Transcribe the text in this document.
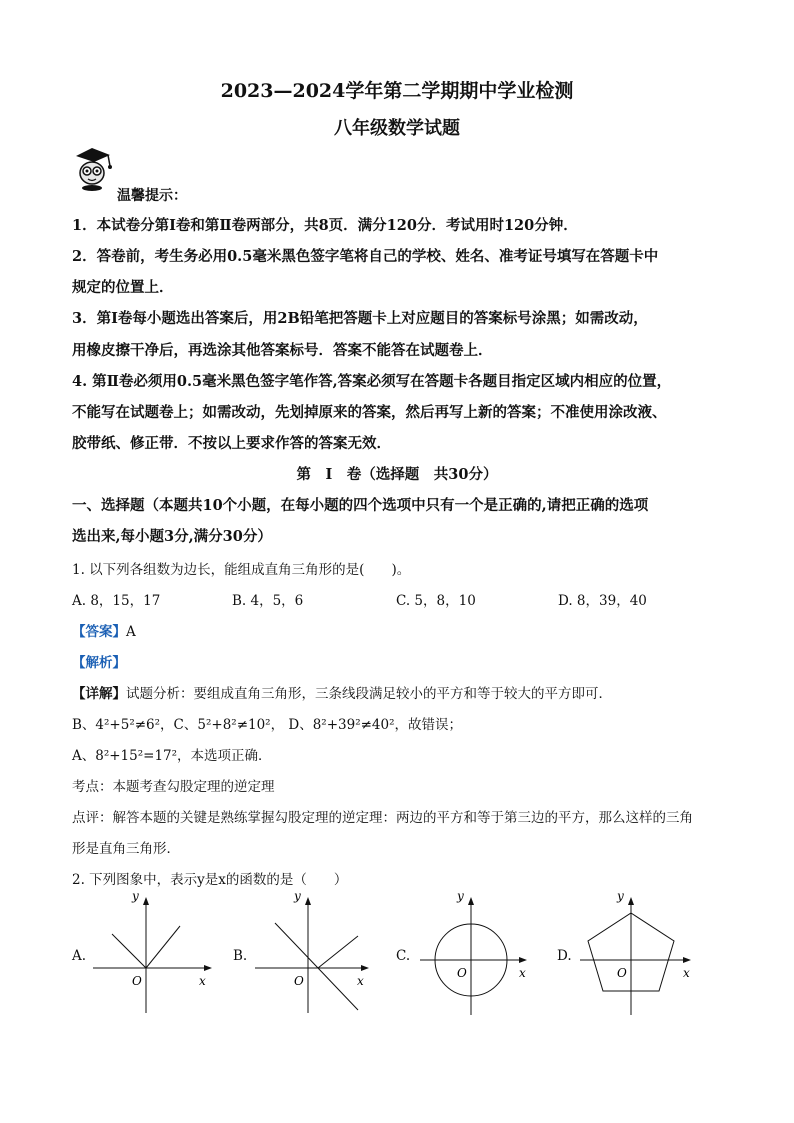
2023—2024学年第二学期期中学业检测
八年级数学试题
温馨提示：
1．本试卷分第Ⅰ卷和第Ⅱ卷两部分，共8页．满分120分．考试用时120分钟．
2．答卷前，考生务必用0.5毫米黑色签字笔将自己的学校、姓名、准考证号填写在答题卡中
规定的位置上．
3．第Ⅰ卷每小题选出答案后，用2B铅笔把答题卡上对应题目的答案标号涂黑；如需改动，
用橡皮擦干净后，再选涂其他答案标号．答案不能答在试题卷上．
4. 第Ⅱ卷必须用0.5毫米黑色签字笔作答,答案必须写在答题卡各题目指定区域内相应的位置，
不能写在试题卷上；如需改动，先划掉原来的答案，然后再写上新的答案；不准使用涂改液、
胶带纸、修正带．不按以上要求作答的答案无效．
第　Ⅰ　卷（选择题　共30分）
一、选择题（本题共10个小题，在每小题的四个选项中只有一个是正确的,请把正确的选项
选出来,每小题3分,满分30分）
1. 以下列各组数为边长，能组成直角三角形的是(　　)。
A. 8，15，17	B. 4，5，6	C. 5，8，10	D. 8，39，40
【答案】A
【解析】
【详解】试题分析：要组成直角三角形，三条线段满足较小的平方和等于较大的平方即可．
B、4²+5²≠6²，C、5²+8²≠10²， D、8²+39²≠40²，故错误；
A、8²+15²=17²，本选项正确．
考点：本题考查勾股定理的逆定理
点评：解答本题的关键是熟练掌握勾股定理的逆定理：两边的平方和等于第三边的平方，那么这样的三角
形是直角三角形．
2. 下列图象中，表示y是x的函数的是（　　）
A.
y
x
O
B.
y
x
O
C.
y
x
O
D.
y
x
O
